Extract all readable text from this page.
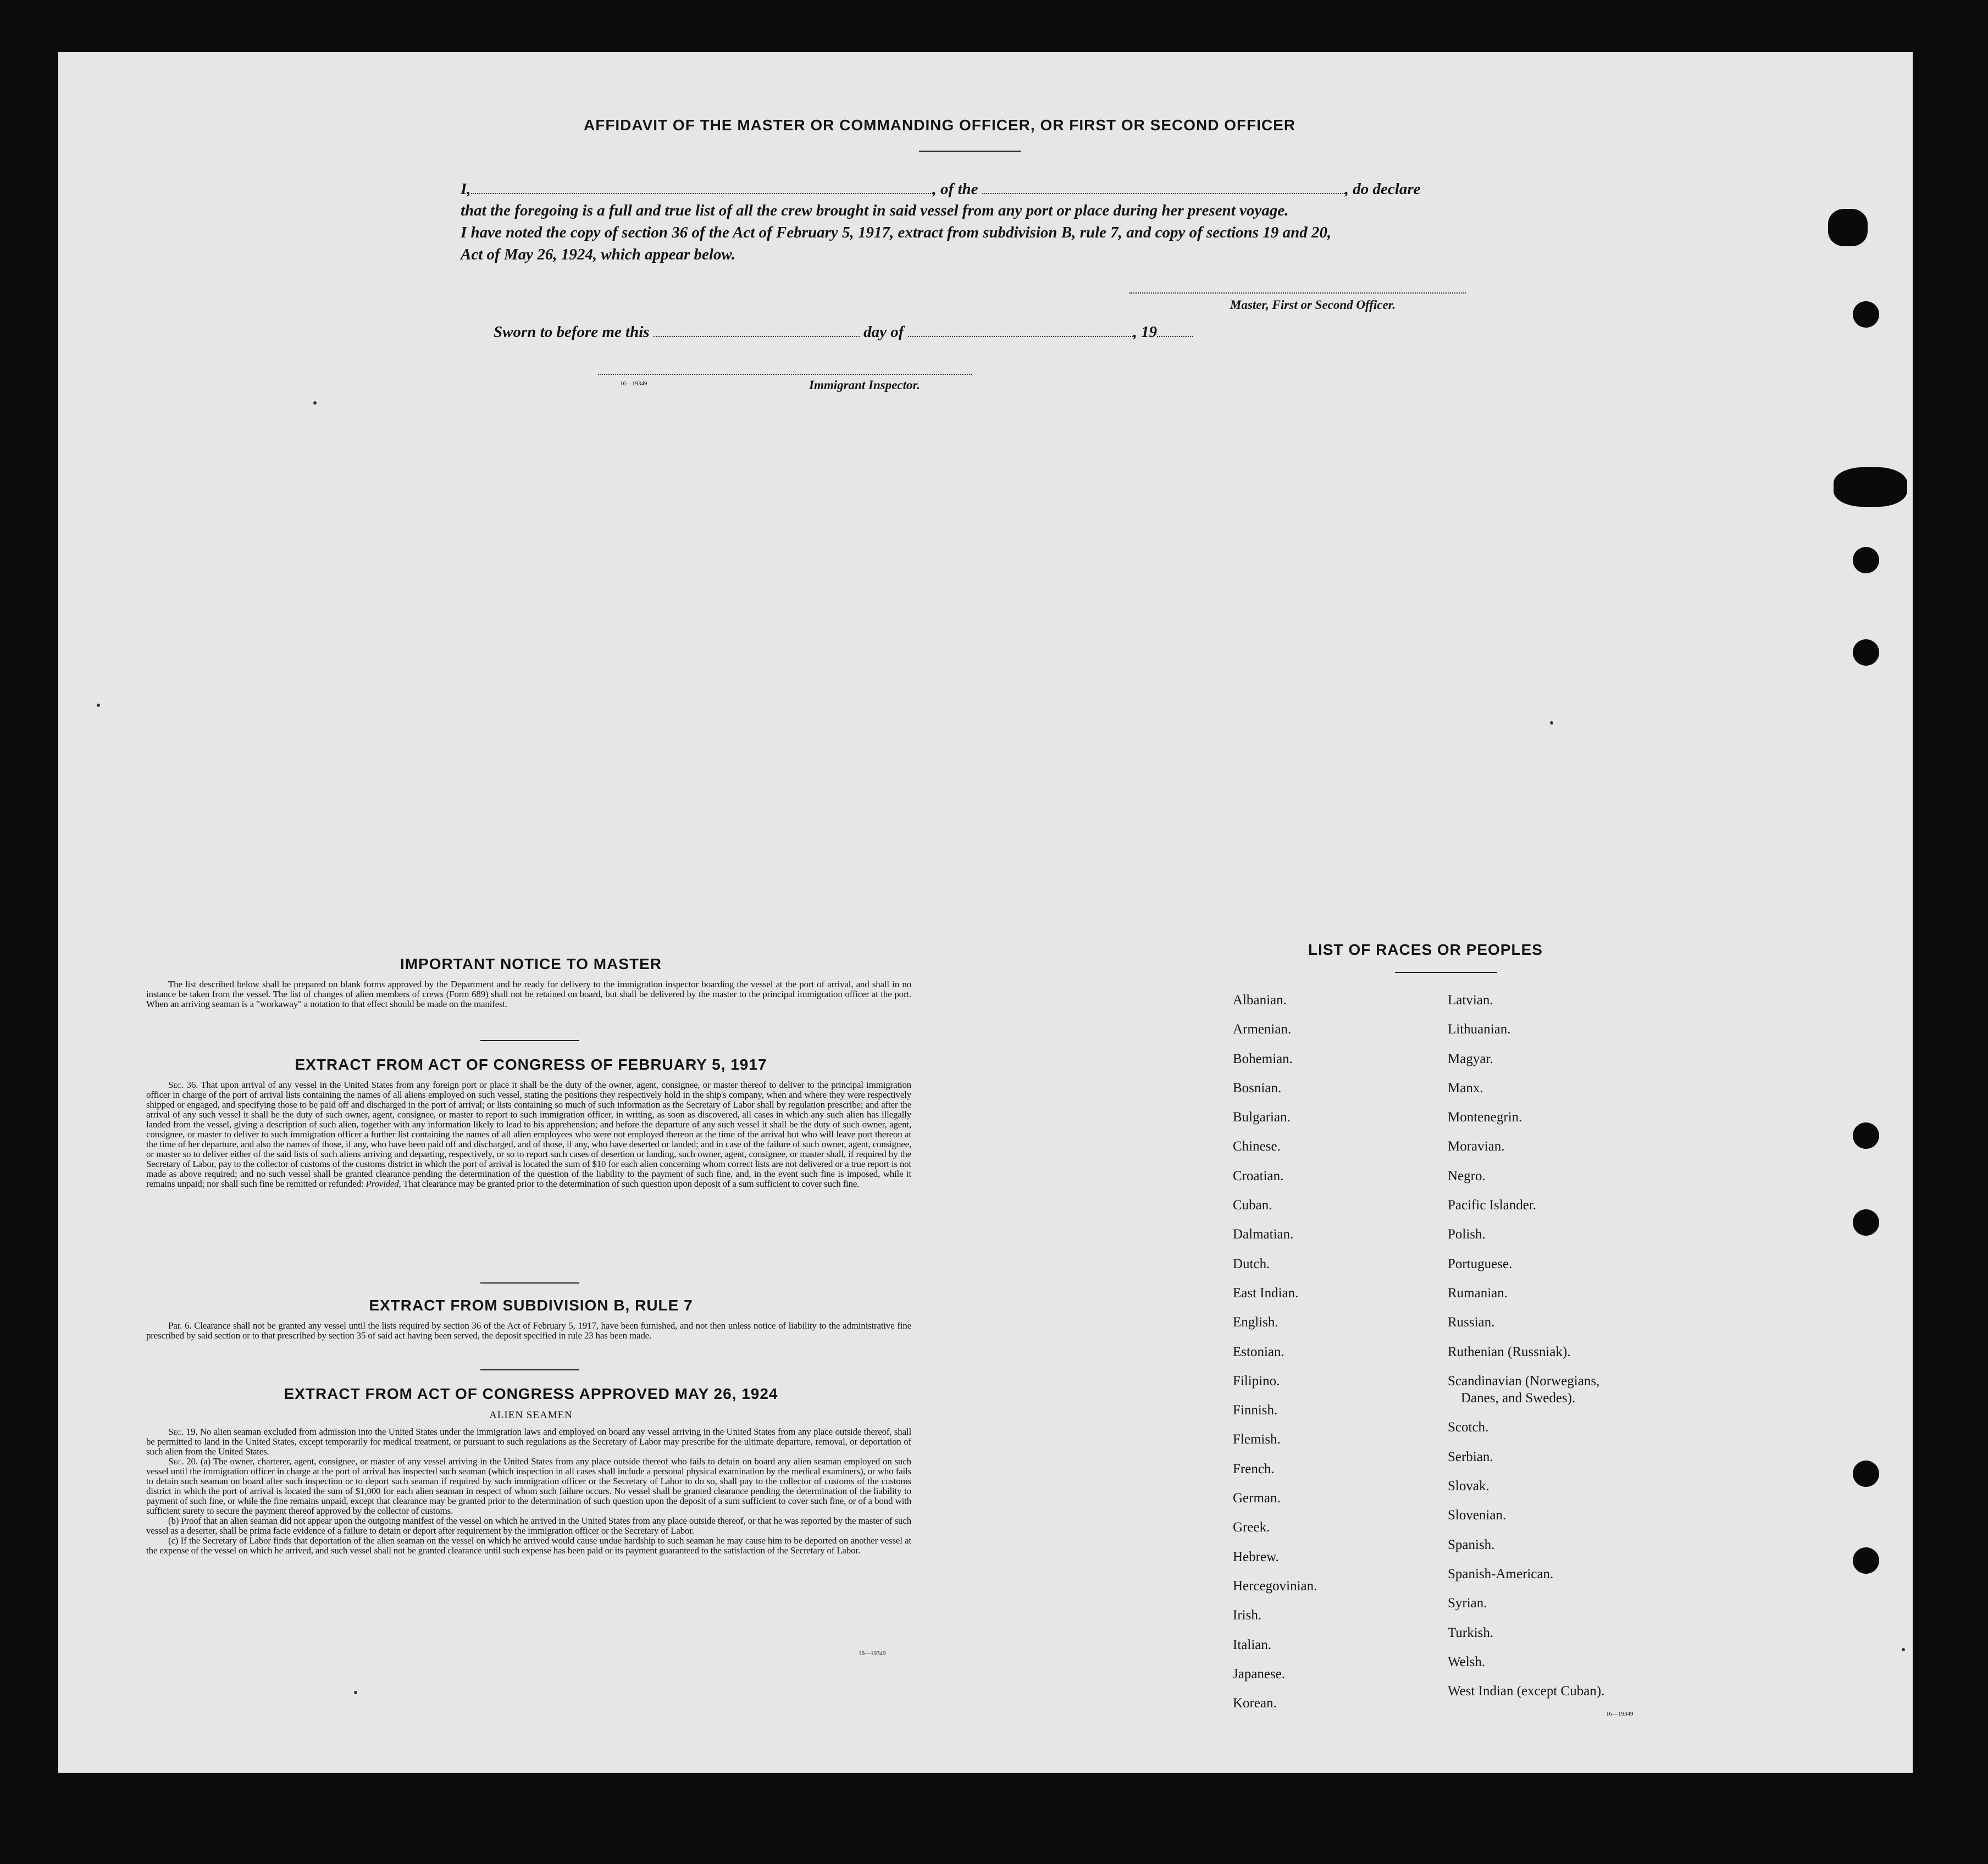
AFFIDAVIT OF THE MASTER OR COMMANDING OFFICER, OR FIRST OR SECOND OFFICER
I,	, of the	, do declare
that the foregoing is a full and true list of all the crew brought in said vessel from any port or place during her present voyage.
I have noted the copy of section 36 of the Act of February 5, 1917, extract from subdivision B, rule 7, and copy of sections 19 and 20,
Act of May 26, 1924, which appear below.
Master, First or Second Officer.
Sworn to before me this	day of	, 19
16—19349	Immigrant Inspector.
IMPORTANT NOTICE TO MASTER
The list described below shall be prepared on blank forms approved by the Department and be ready for delivery to the immigration inspector boarding the vessel at the port of arrival, and shall in no instance be taken from the vessel. The list of changes of alien members of crews (Form 689) shall not be retained on board, but shall be delivered by the master to the principal immigration officer at the port. When an arriving seaman is a "workaway" a notation to that effect should be made on the manifest.
EXTRACT FROM ACT OF CONGRESS OF FEBRUARY 5, 1917
Sec. 36. That upon arrival of any vessel in the United States from any foreign port or place it shall be the duty of the owner, agent, consignee, or master thereof to deliver to the principal immigration officer in charge of the port of arrival lists containing the names of all aliens employed on such vessel, stating the positions they respectively hold in the ship's company, when and where they were respectively shipped or engaged, and specifying those to be paid off and discharged in the port of arrival; or lists containing so much of such information as the Secretary of Labor shall by regulation prescribe; and after the arrival of any such vessel it shall be the duty of such owner, agent, consignee, or master to report to such immigration officer, in writing, as soon as discovered, all cases in which any such alien has illegally landed from the vessel, giving a description of such alien, together with any information likely to lead to his apprehension; and before the departure of any such vessel it shall be the duty of such owner, agent, consignee, or master to deliver to such immigration officer a further list containing the names of all alien employees who were not employed thereon at the time of the arrival but who will leave port thereon at the time of her departure, and also the names of those, if any, who have been paid off and discharged, and of those, if any, who have deserted or landed; and in case of the failure of such owner, agent, consignee, or master so to deliver either of the said lists of such aliens arriving and departing, respectively, or so to report such cases of desertion or landing, such owner, agent, consignee, or master shall, if required by the Secretary of Labor, pay to the collector of customs of the customs district in which the port of arrival is located the sum of $10 for each alien concerning whom correct lists are not delivered or a true report is not made as above required; and no such vessel shall be granted clearance pending the determination of the question of the liability to the payment of such fine, and, in the event such fine is imposed, while it remains unpaid; nor shall such fine be remitted or refunded: Provided, That clearance may be granted prior to the determination of such question upon deposit of a sum sufficient to cover such fine.
EXTRACT FROM SUBDIVISION B, RULE 7
Par. 6. Clearance shall not be granted any vessel until the lists required by section 36 of the Act of February 5, 1917, have been furnished, and not then unless notice of liability to the administrative fine prescribed by said section or to that prescribed by section 35 of said act having been served, the deposit specified in rule 23 has been made.
EXTRACT FROM ACT OF CONGRESS APPROVED MAY 26, 1924
ALIEN SEAMEN
Sec. 19. No alien seaman excluded from admission into the United States under the immigration laws and employed on board any vessel arriving in the United States from any place outside thereof, shall be permitted to land in the United States, except temporarily for medical treatment, or pursuant to such regulations as the Secretary of Labor may prescribe for the ultimate departure, removal, or deportation of such alien from the United States.
Sec. 20. (a) The owner, charterer, agent, consignee, or master of any vessel arriving in the United States from any place outside thereof who fails to detain on board any alien seaman employed on such vessel until the immigration officer in charge at the port of arrival has inspected such seaman (which inspection in all cases shall include a personal physical examination by the medical examiners), or who fails to detain such seaman on board after such inspection or to deport such seaman if required by such immigration officer or the Secretary of Labor to do so, shall pay to the collector of customs of the customs district in which the port of arrival is located the sum of $1,000 for each alien seaman in respect of whom such failure occurs. No vessel shall be granted clearance pending the determination of the liability to payment of such fine, or while the fine remains unpaid, except that clearance may be granted prior to the determination of such question upon the deposit of a sum sufficient to cover such fine, or of a bond with sufficient surety to secure the payment thereof approved by the collector of customs.
(b) Proof that an alien seaman did not appear upon the outgoing manifest of the vessel on which he arrived in the United States from any place outside thereof, or that he was reported by the master of such vessel as a deserter, shall be prima facie evidence of a failure to detain or deport after requirement by the immigration officer or the Secretary of Labor.
(c) If the Secretary of Labor finds that deportation of the alien seaman on the vessel on which he arrived would cause undue hardship to such seaman he may cause him to be deported on another vessel at the expense of the vessel on which he arrived, and such vessel shall not be granted clearance until such expense has been paid or its payment guaranteed to the satisfaction of the Secretary of Labor.
16—19349
LIST OF RACES OR PEOPLES
Albanian.
Armenian.
Bohemian.
Bosnian.
Bulgarian.
Chinese.
Croatian.
Cuban.
Dalmatian.
Dutch.
East Indian.
English.
Estonian.
Filipino.
Finnish.
Flemish.
French.
German.
Greek.
Hebrew.
Hercegovinian.
Irish.
Italian.
Japanese.
Korean.
Latvian.
Lithuanian.
Magyar.
Manx.
Montenegrin.
Moravian.
Negro.
Pacific Islander.
Polish.
Portuguese.
Rumanian.
Russian.
Ruthenian (Russniak).
Scandinavian (Norwegians,
Danes, and Swedes).
Scotch.
Serbian.
Slovak.
Slovenian.
Spanish.
Spanish-American.
Syrian.
Turkish.
Welsh.
West Indian (except Cuban).
16—19349
